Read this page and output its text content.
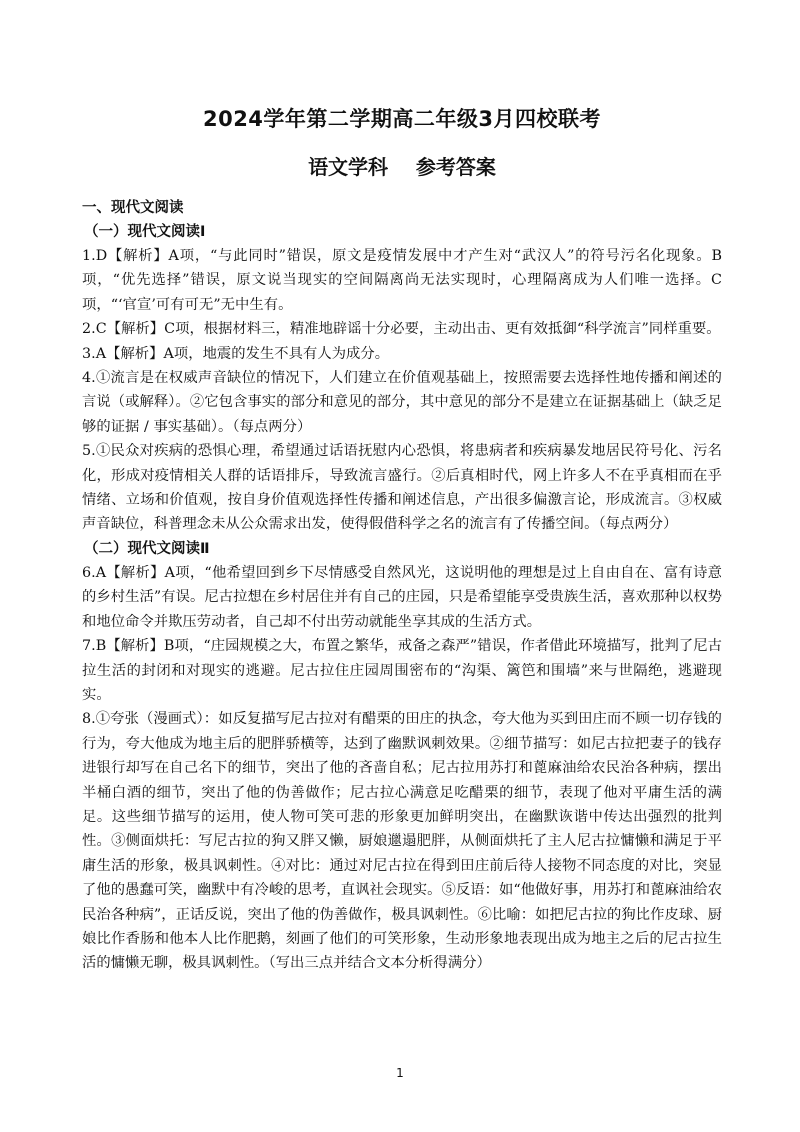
2024学年第二学期高二年级3月四校联考
语文学科    参考答案

一、现代文阅读

（一）现代文阅读Ⅰ

1.D【解析】A项，“与此同时”错误，原文是疫情发展中才产生对“武汉人”的符号污名化现象。B项，“优先选择”错误，原文说当现实的空间隔离尚无法实现时，心理隔离成为人们唯一选择。C项，“‘官宣’可有可无”无中生有。

2.C【解析】C项，根据材料三，精准地辟谣十分必要，主动出击、更有效抵御“科学流言”同样重要。

3.A【解析】A项，地震的发生不具有人为成分。

4.①流言是在权威声音缺位的情况下，人们建立在价值观基础上，按照需要去选择性地传播和阐述的言说（或解释）。②它包含事实的部分和意见的部分，其中意见的部分不是建立在证据基础上（缺乏足够的证据 / 事实基础）。（每点两分）

5.①民众对疾病的恐惧心理，希望通过话语抚慰内心恐惧，将患病者和疾病暴发地居民符号化、污名化，形成对疫情相关人群的话语排斥，导致流言盛行。②后真相时代，网上许多人不在乎真相而在乎情绪、立场和价值观，按自身价值观选择性传播和阐述信息，产出很多偏激言论，形成流言。③权威声音缺位，科普理念未从公众需求出发，使得假借科学之名的流言有了传播空间。（每点两分）

（二）现代文阅读Ⅱ

6.A【解析】A项，“他希望回到乡下尽情感受自然风光，这说明他的理想是过上自由自在、富有诗意的乡村生活”有误。尼古拉想在乡村居住并有自己的庄园，只是希望能享受贵族生活，喜欢那种以权势和地位命令并欺压劳动者，自己却不付出劳动就能坐享其成的生活方式。

7.B【解析】B项，“庄园规模之大，布置之繁华，戒备之森严”错误，作者借此环境描写，批判了尼古拉生活的封闭和对现实的逃避。尼古拉住庄园周围密布的“沟渠、篱笆和围墙”来与世隔绝，逃避现实。

8.①夸张（漫画式）：如反复描写尼古拉对有醋栗的田庄的执念，夸大他为买到田庄而不顾一切存钱的行为，夸大他成为地主后的肥胖骄横等，达到了幽默讽刺效果。②细节描写：如尼古拉把妻子的钱存进银行却写在自己名下的细节，突出了他的吝啬自私；尼古拉用苏打和蓖麻油给农民治各种病，摆出半桶白酒的细节，突出了他的伪善做作；尼古拉心满意足吃醋栗的细节，表现了他对平庸生活的满足。这些细节描写的运用，使人物可笑可悲的形象更加鲜明突出，在幽默诙谐中传达出强烈的批判性。③侧面烘托：写尼古拉的狗又胖又懒，厨娘邋遢肥胖，从侧面烘托了主人尼古拉慵懒和满足于平庸生活的形象，极具讽刺性。④对比：通过对尼古拉在得到田庄前后待人接物不同态度的对比，突显了他的愚蠢可笑，幽默中有冷峻的思考，直讽社会现实。⑤反语：如“他做好事，用苏打和蓖麻油给农民治各种病”，正话反说，突出了他的伪善做作，极具讽刺性。⑥比喻：如把尼古拉的狗比作皮球、厨娘比作香肠和他本人比作肥鹅，刻画了他们的可笑形象，生动形象地表现出成为地主之后的尼古拉生活的慵懒无聊，极具讽刺性。（写出三点并结合文本分析得满分）

1
